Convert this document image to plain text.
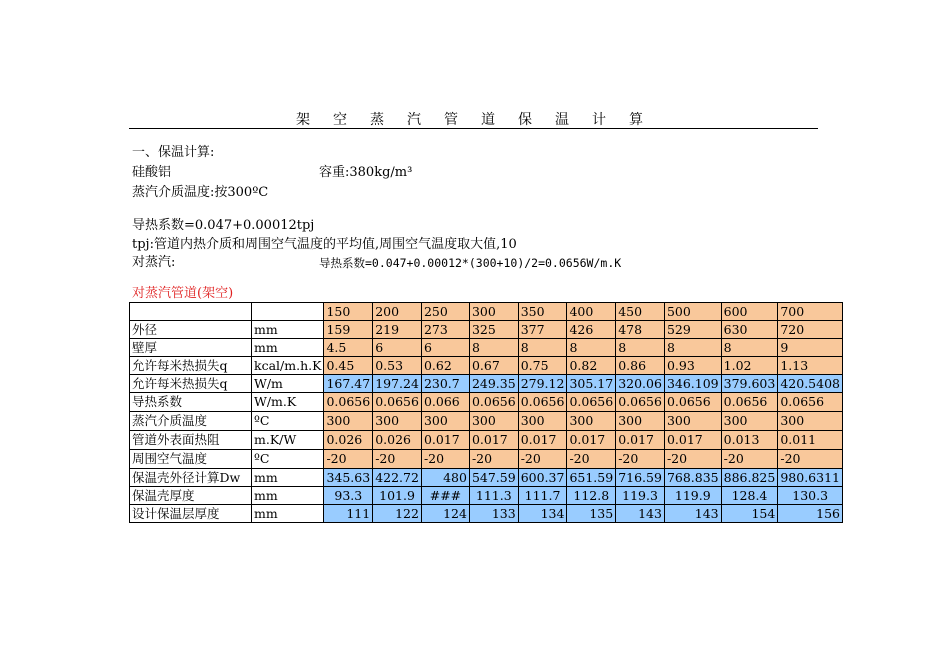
架空蒸汽管道保温计算
一、保温计算:
硅酸铝	容重:380kg/m³
蒸汽介质温度:按300ºC
导热系数=0.047+0.00012tpj
tpj:管道内热介质和周围空气温度的平均值,周围空气温度取大值,10
对蒸汽:	导热系数=0.047+0.00012*(300+10)/2=0.0656W/m.K
对蒸汽管道(架空)
		150	200	250	300	350	400	450	500	600	700
外径	mm	159	219	273	325	377	426	478	529	630	720
壁厚	mm	4.5	6	6	8	8	8	8	8	8	9
允许每米热损失q	kcal/m.h.K	0.45	0.53	0.62	0.67	0.75	0.82	0.86	0.93	1.02	1.13
允许每米热损失q	W/m	167.47	197.24	230.7	249.35	279.12	305.17	320.06	346.109	379.603	420.5408
导热系数	W/m.K	0.0656	0.0656	0.066	0.0656	0.0656	0.0656	0.0656	0.0656	0.0656	0.0656
蒸汽介质温度	ºC	300	300	300	300	300	300	300	300	300	300
管道外表面热阻	m.K/W	0.026	0.026	0.017	0.017	0.017	0.017	0.017	0.017	0.013	0.011
周围空气温度	ºC	-20	-20	-20	-20	-20	-20	-20	-20	-20	-20
保温壳外径计算Dw	mm	345.63	422.72	480	547.59	600.37	651.59	716.59	768.835	886.825	980.6311
保温壳厚度	mm	93.3	101.9	###	111.3	111.7	112.8	119.3	119.9	128.4	130.3
设计保温层厚度	mm	111	122	124	133	134	135	143	143	154	156
